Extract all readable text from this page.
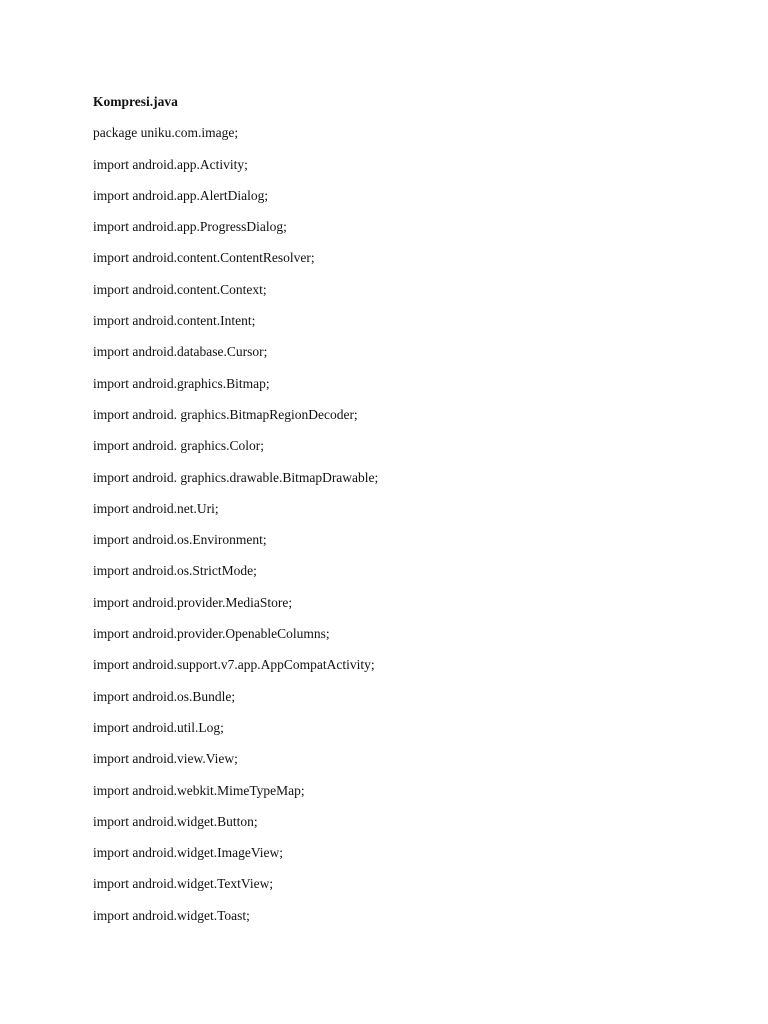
Kompresi.java

package uniku.com.image;
import android.app.Activity;
import android.app.AlertDialog;
import android.app.ProgressDialog;
import android.content.ContentResolver;
import android.content.Context;
import android.content.Intent;
import android.database.Cursor;
import android.graphics.Bitmap;
import android. graphics.BitmapRegionDecoder;
import android. graphics.Color;
import android. graphics.drawable.BitmapDrawable;
import android.net.Uri;
import android.os.Environment;
import android.os.StrictMode;
import android.provider.MediaStore;
import android.provider.OpenableColumns;
import android.support.v7.app.AppCompatActivity;
import android.os.Bundle;
import android.util.Log;
import android.view.View;
import android.webkit.MimeTypeMap;
import android.widget.Button;
import android.widget.ImageView;
import android.widget.TextView;
import android.widget.Toast;
